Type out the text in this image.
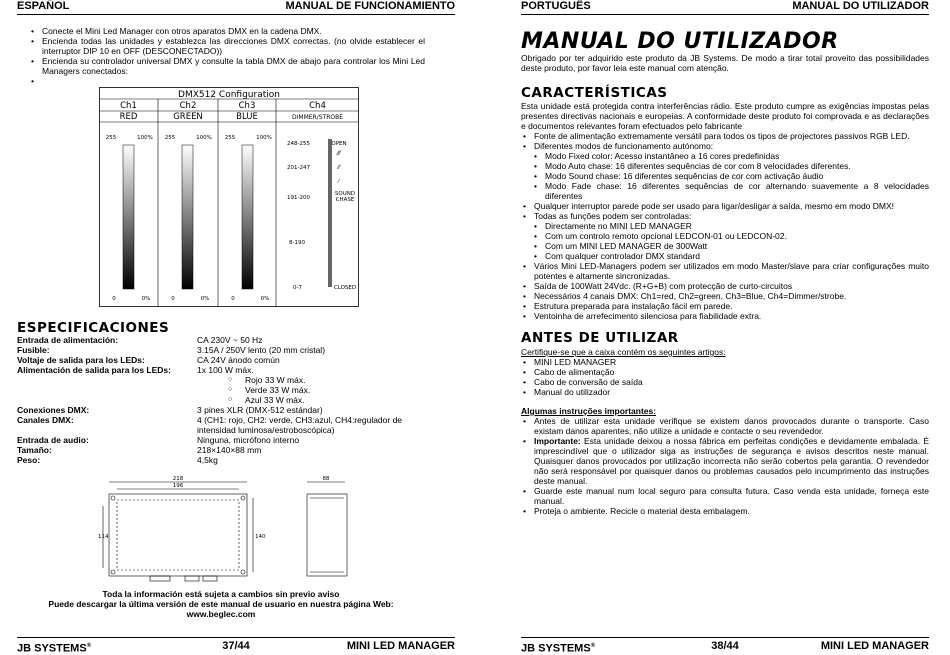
ESPAÑOL	MANUAL DE FUNCIONAMIENTO
• Conecte el Mini Led Manager con otros aparatos DMX en la cadena DMX.
• Encienda todas las unidades y establezca las direcciones DMX correctas. (no olvide establecer el interruptor DIP 10 en OFF (DESCONECTADO))
• Encienda su controlador universal DMX y consulte la tabla DMX de abajo para controlar los Mini Led Managers conectados:
•
DMX512 Configuration
Ch1
RED
255	100%
0	0%
Ch2
GREEN
255	100%
0	0%
Ch3
BLUE
255	100%
0	0%
Ch4
DIMMER/STROBE
248-255
201-247
191-200
8-190
0-7
OPEN
⁄⁄⁄
⁄⁄
⁄
SOUND CHASE
CLOSED
ESPECIFICACIONES
Entrada de alimentación:	CA 230V ~ 50 Hz
Fusible:	3.15A / 250V lento (20 mm cristal)
Voltaje de salida para los LEDs:	CA 24V ánodo común
Alimentación de salida para los LEDs:	1x 100 W máx.
○ Rojo 33 W máx.
○ Verde 33 W máx.
○ Azul 33 W máx.
Conexiones DMX:	3 pines XLR (DMX-512 estándar)
Canales DMX:	4 (CH1: rojo, CH2: verde, CH3:azul, CH4:regulador de intensidad luminosa/estroboscópica)
Entrada de audio:	Ninguna, micrófono interno
Tamaño:	218×140×88 mm
Peso:	4,5kg
218
196
114	140
88
Toda la información está sujeta a cambios sin previo aviso
Puede descargar la última versión de este manual de usuario en nuestra página Web:
www.beglec.com
JB SYSTEMS®	37/44	MINI LED MANAGER
PORTUGUÊS	MANUAL DO UTILIZADOR
MANUAL DO UTILIZADOR
Obrigado por ter adquirido este produto da JB Systems. De modo a tirar total proveito das possibilidades deste produto, por favor leia este manual com atenção.
CARACTERÍSTICAS
Esta unidade está protegida contra interferências rádio. Este produto cumpre as exigências impostas pelas presentes directivas nacionais e europeias. A conformidade deste produto foi comprovada e as declarações e documentos relevantes foram efectuados pelo fabricante
• Fonte de alimentação extremamente versátil para todos os tipos de projectores passivos RGB LED.
• Diferentes modos de funcionamento autónomo:
• Modo Fixed color: Acesso instantâneo a 16 cores predefinidas
• Modo Auto chase: 16 diferentes sequências de cor com 8 velocidades diferentes.
• Modo Sound chase: 16 diferentes sequências de cor com activação áudio
• Modo Fade chase: 16 diferentes sequências de cor alternando suavemente a 8 velocidades diferentes
• Qualquer interruptor parede pode ser usado para ligar/desligar a saída, mesmo em modo DMX!
• Todas as funções podem ser controladas:
• Directamente no MINI LED MANAGER
• Com um controlo remoto opcional LEDCON-01 ou LEDCON-02.
• Com um MINI LED MANAGER de 300Watt
• Com qualquer controlador DMX standard
• Vários Mini LED-Managers podem ser utilizados em modo Master/slave para criar configurações muito potentes e altamente sincronizadas.
• Saída de 100Watt 24Vdc. (R+G+B) com protecção de curto-circuitos
• Necessários 4 canais DMX: Ch1=red, Ch2=green, Ch3=Blue, Ch4=Dimmer/strobe.
• Estrutura preparada para instalação fácil em parede.
• Ventoinha de arrefecimento silenciosa para fiabilidade extra.
ANTES DE UTILIZAR
Certifique-se que a caixa contém os seguintes artigos:
• MINI LED MANAGER
• Cabo de alimentação
• Cabo de conversão de saída
• Manual do utilizador
Algumas instruções importantes:
• Antes de utilizar esta unidade verifique se existem danos provocados durante o transporte. Caso existam danos aparentes, não utilize a unidade e contacte o seu revendedor.
• Importante: Esta unidade deixou a nossa fábrica em perfeitas condições e devidamente embalada. É imprescindível que o utilizador siga as instruções de segurança e avisos descritos neste manual. Quaisquer danos provocados por utilização incorrecta não serão cobertos pela garantia. O revendedor não será responsável por quaisquer danos ou problemas causados pelo incumprimento das instruções deste manual.
• Guarde este manual num local seguro para consulta futura. Caso venda esta unidade, forneça este manual.
• Proteja o ambiente. Recicle o material desta embalagem.
JB SYSTEMS®	38/44	MINI LED MANAGER
